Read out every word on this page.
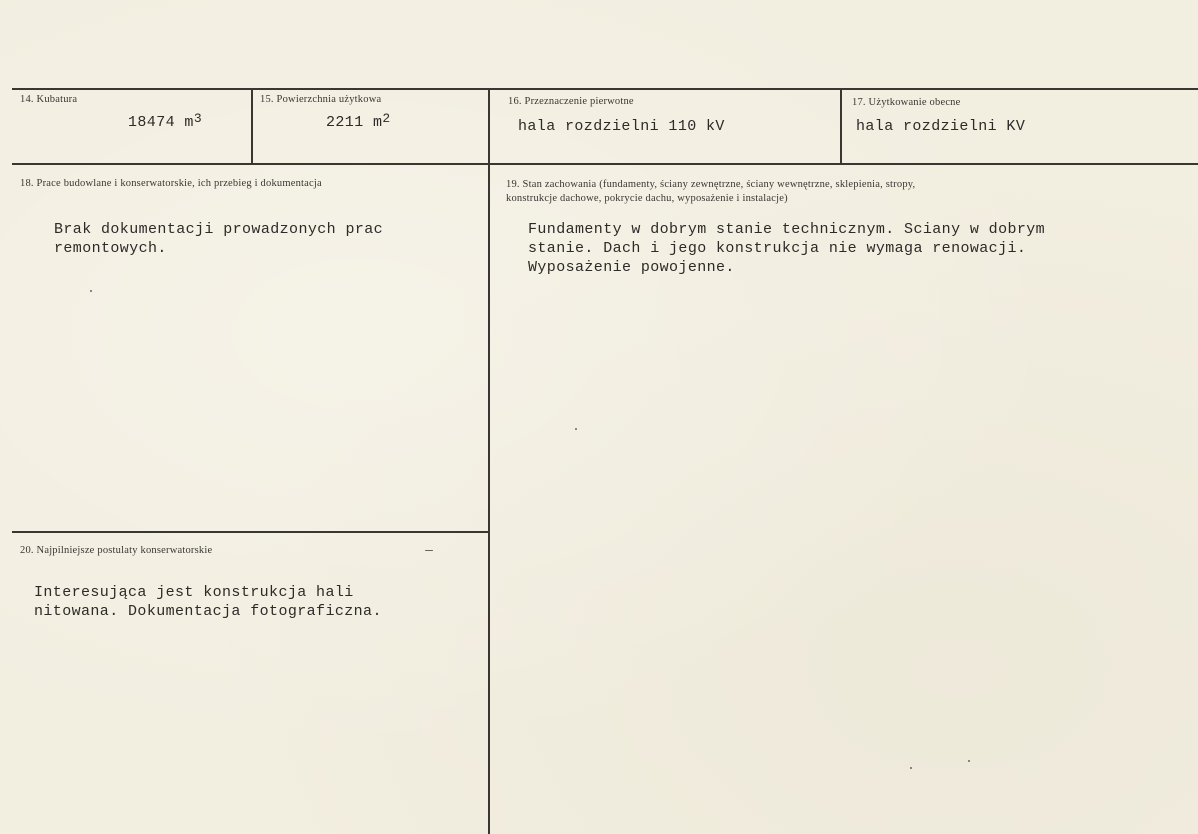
14. Kubatura
18474 $m^3$
15. Powierzchnia użytkowa
2211 $m^2$
16. Przeznaczenie pierwotne
hala rozdzielni 110 kV
17. Użytkowanie obecne
hala rozdzielni KV
18. Prace budowlane i konserwatorskie, ich przebieg i dokumentacja
Brak dokumentacji prowadzonych prac
remontowych.
19. Stan zachowania (fundamenty, ściany zewnętrzne, ściany wewnętrzne, sklepienia, stropy,
konstrukcje dachowe, pokrycie dachu, wyposażenie i instalacje)
Fundamenty w dobrym stanie technicznym. Sciany w dobrym
stanie. Dach i jego konstrukcja nie wymaga renowacji.
Wyposażenie powojenne.
20. Najpilniejsze postulaty konserwatorskie
Interesująca jest konstrukcja hali
nitowana. Dokumentacja fotograficzna.
